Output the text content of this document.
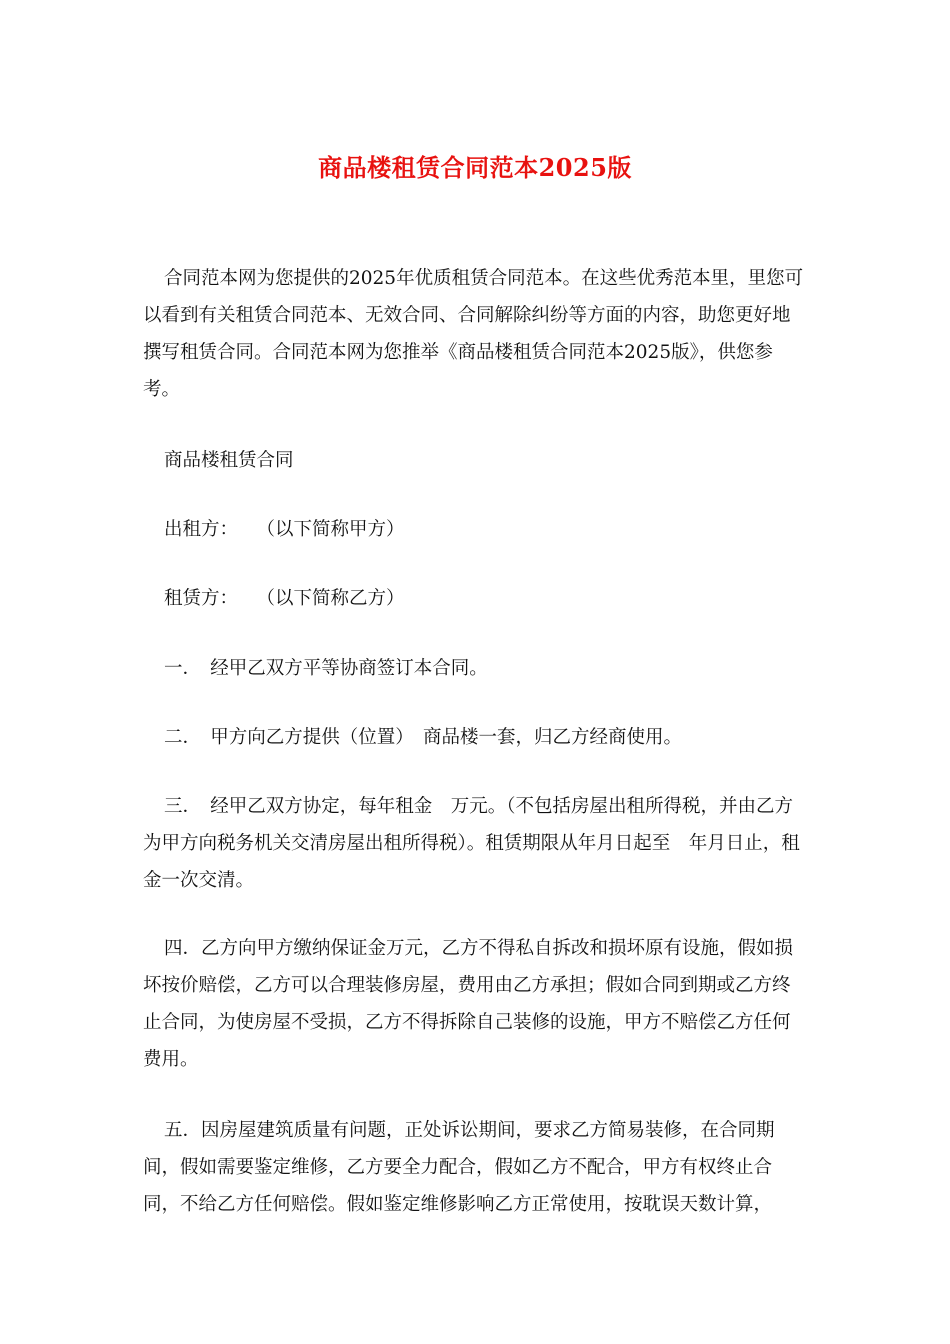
商品楼租赁合同范本2025版

合同范本网为您提供的2025年优质租赁合同范本。在这些优秀范本里，里您可以看到有关租赁合同范本、无效合同、合同解除纠纷等方面的内容，助您更好地撰写租赁合同。合同范本网为您推举《商品楼租赁合同范本2025版》，供您参考。

商品楼租赁合同

出租方：　　（以下简称甲方）

租赁方：　　（以下简称乙方）

一．　经甲乙双方平等协商签订本合同。

二．　甲方向乙方提供（位置）　商品楼一套，归乙方经商使用。

三．　经甲乙双方协定，每年租金　万元。（不包括房屋出租所得税，并由乙方为甲方向税务机关交清房屋出租所得税）。租赁期限从年月日起至　年月日止，租金一次交清。

四．乙方向甲方缴纳保证金万元，乙方不得私自拆改和损坏原有设施，假如损坏按价赔偿，乙方可以合理装修房屋，费用由乙方承担；假如合同到期或乙方终止合同，为使房屋不受损，乙方不得拆除自己装修的设施，甲方不赔偿乙方任何费用。

五．因房屋建筑质量有问题，正处诉讼期间，要求乙方简易装修，在合同期间，假如需要鉴定维修，乙方要全力配合，假如乙方不配合，甲方有权终止合同，不给乙方任何赔偿。假如鉴定维修影响乙方正常使用，按耽误天数计算，
